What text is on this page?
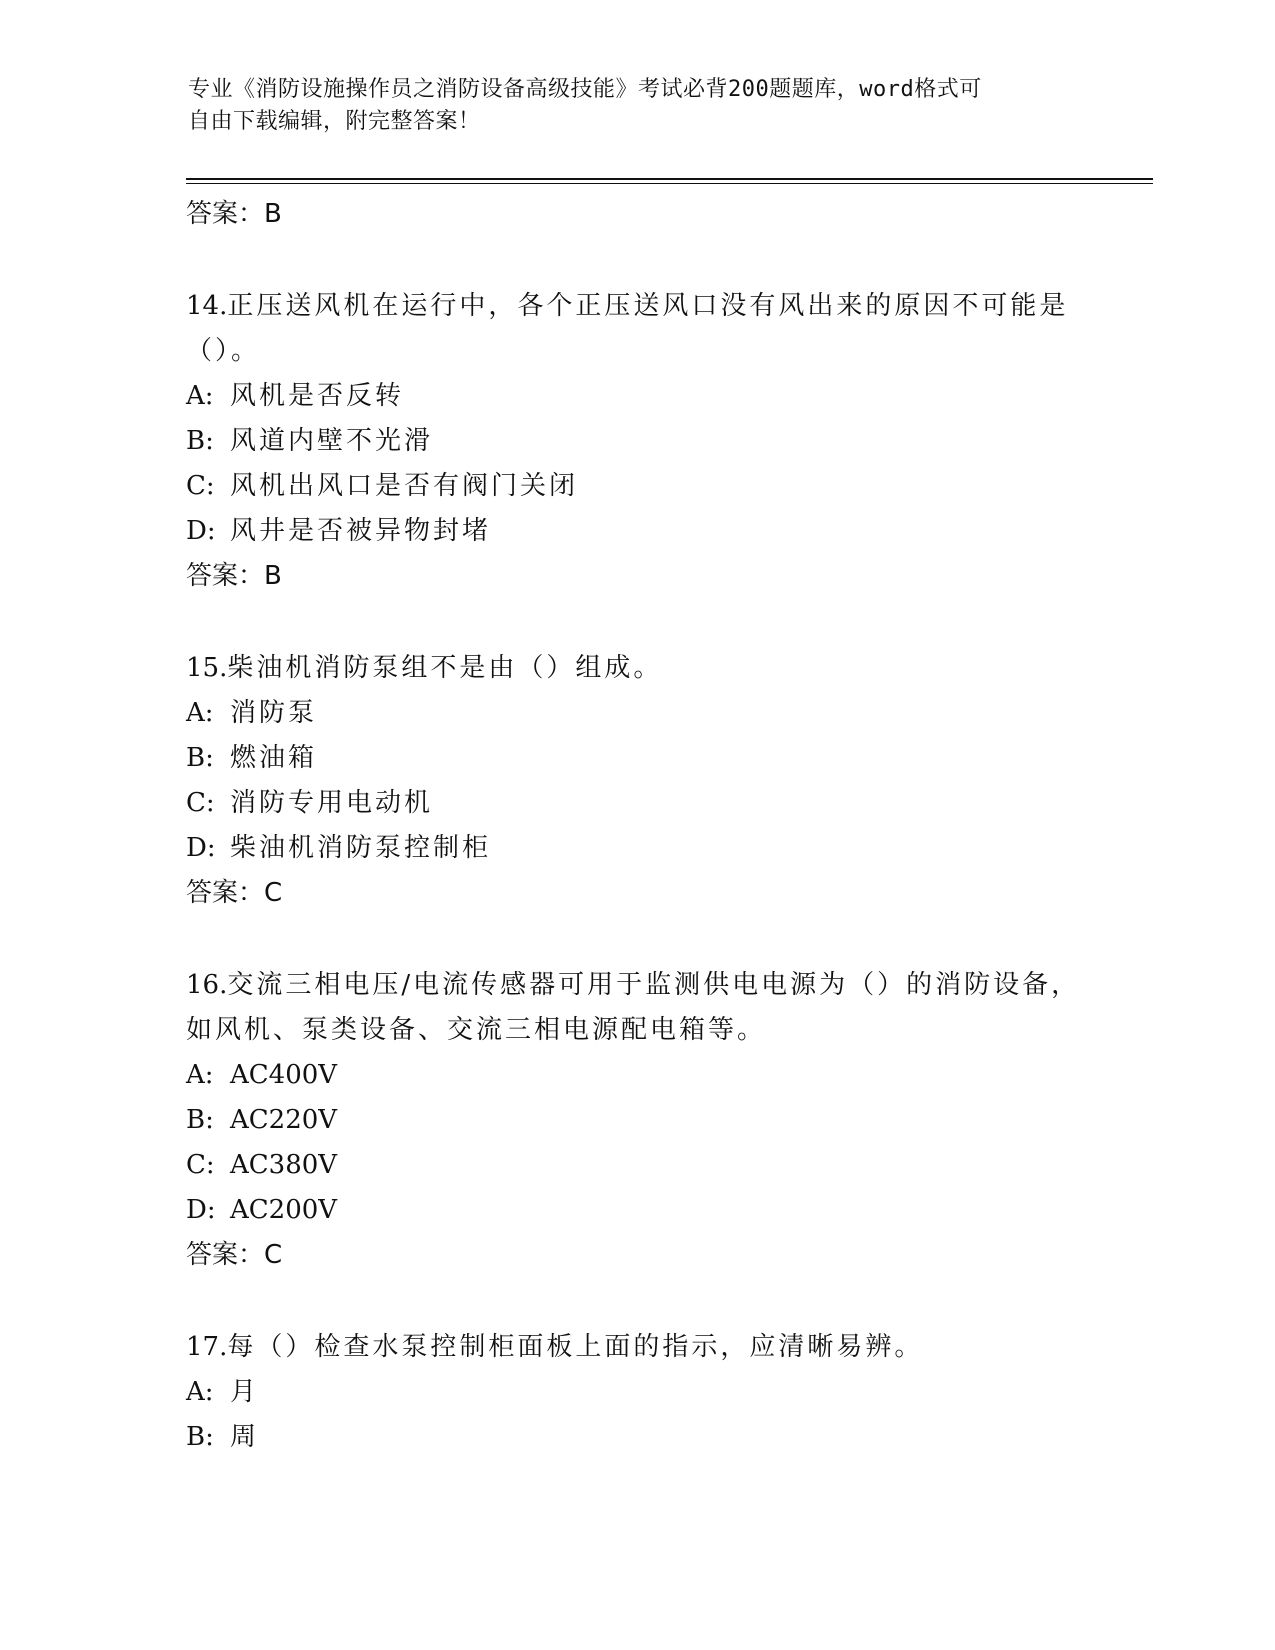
专业《消防设施操作员之消防设备高级技能》考试必背200题题库，word格式可
自由下载编辑，附完整答案！
答案：B
14.正压送风机在运行中，各个正压送风口没有风出来的原因不可能是（）。
A: 风机是否反转
B: 风道内壁不光滑
C: 风机出风口是否有阀门关闭
D: 风井是否被异物封堵
答案：B
15.柴油机消防泵组不是由（）组成。
A: 消防泵
B: 燃油箱
C: 消防专用电动机
D: 柴油机消防泵控制柜
答案：C
16.交流三相电压/电流传感器可用于监测供电电源为（）的消防设备，如风机、泵类设备、交流三相电源配电箱等。
A: AC400V
B: AC220V
C: AC380V
D: AC200V
答案：C
17.每（）检查水泵控制柜面板上面的指示，应清晰易辨。
A: 月
B: 周
